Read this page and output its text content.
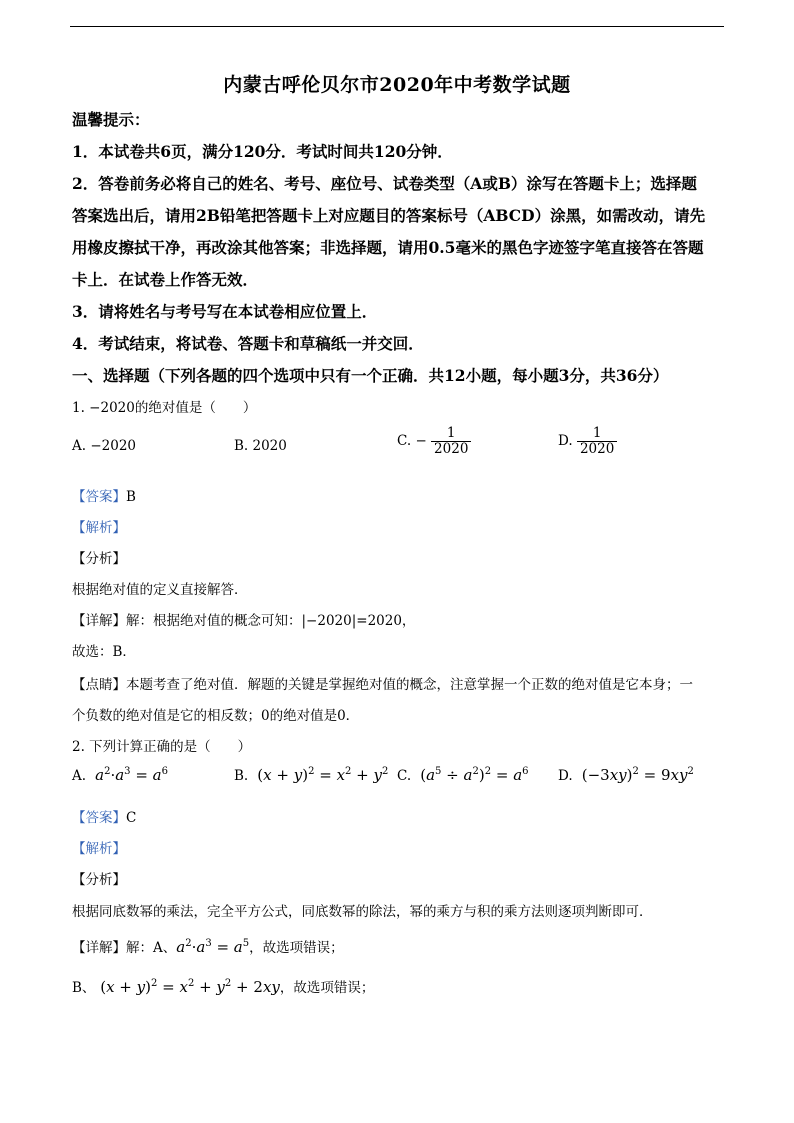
内蒙古呼伦贝尔市2020年中考数学试题
温馨提示：
1．本试卷共6页，满分120分．考试时间共120分钟．
2．答卷前务必将自己的姓名、考号、座位号、试卷类型（A或B）涂写在答题卡上；选择题
答案选出后，请用2B铅笔把答题卡上对应题目的答案标号（ABCD）涂黑，如需改动，请先
用橡皮擦拭干净，再改涂其他答案；非选择题，请用0.5毫米的黑色字迹签字笔直接答在答题
卡上．在试卷上作答无效．
3．请将姓名与考号写在本试卷相应位置上．
4．考试结束，将试卷、答题卡和草稿纸一并交回．
一、选择题（下列各题的四个选项中只有一个正确．共12小题，每小题3分，共36分）
1. −2020的绝对值是（　　）
A. −2020	B. 2020	C. − $\frac{1}{2020}$	D. $\frac{1}{2020}$
【答案】B
【解析】
【分析】
根据绝对值的定义直接解答．
【详解】解：根据绝对值的概念可知：|−2020|=2020，
故选：B．
【点睛】本题考查了绝对值．解题的关键是掌握绝对值的概念，注意掌握一个正数的绝对值是它本身；一
个负数的绝对值是它的相反数；0的绝对值是0．
2. 下列计算正确的是（　　）
A.  $a^2\cdot a^3 = a^6$	B. $(x + y)^2 = x^2 + y^2$ C. $(a^5 \div a^2)^2 = a^6$ D. $(-3xy)^2 = 9xy^2$
【答案】C
【解析】
【分析】
根据同底数幂的乘法，完全平方公式，同底数幂的除法，幂的乘方与积的乘方法则逐项判断即可．
【详解】解：A、$a^2\cdot a^3 = a^5$，故选项错误；
B、 $(x + y)^2 = x^2 + y^2 + 2xy$，故选项错误；
